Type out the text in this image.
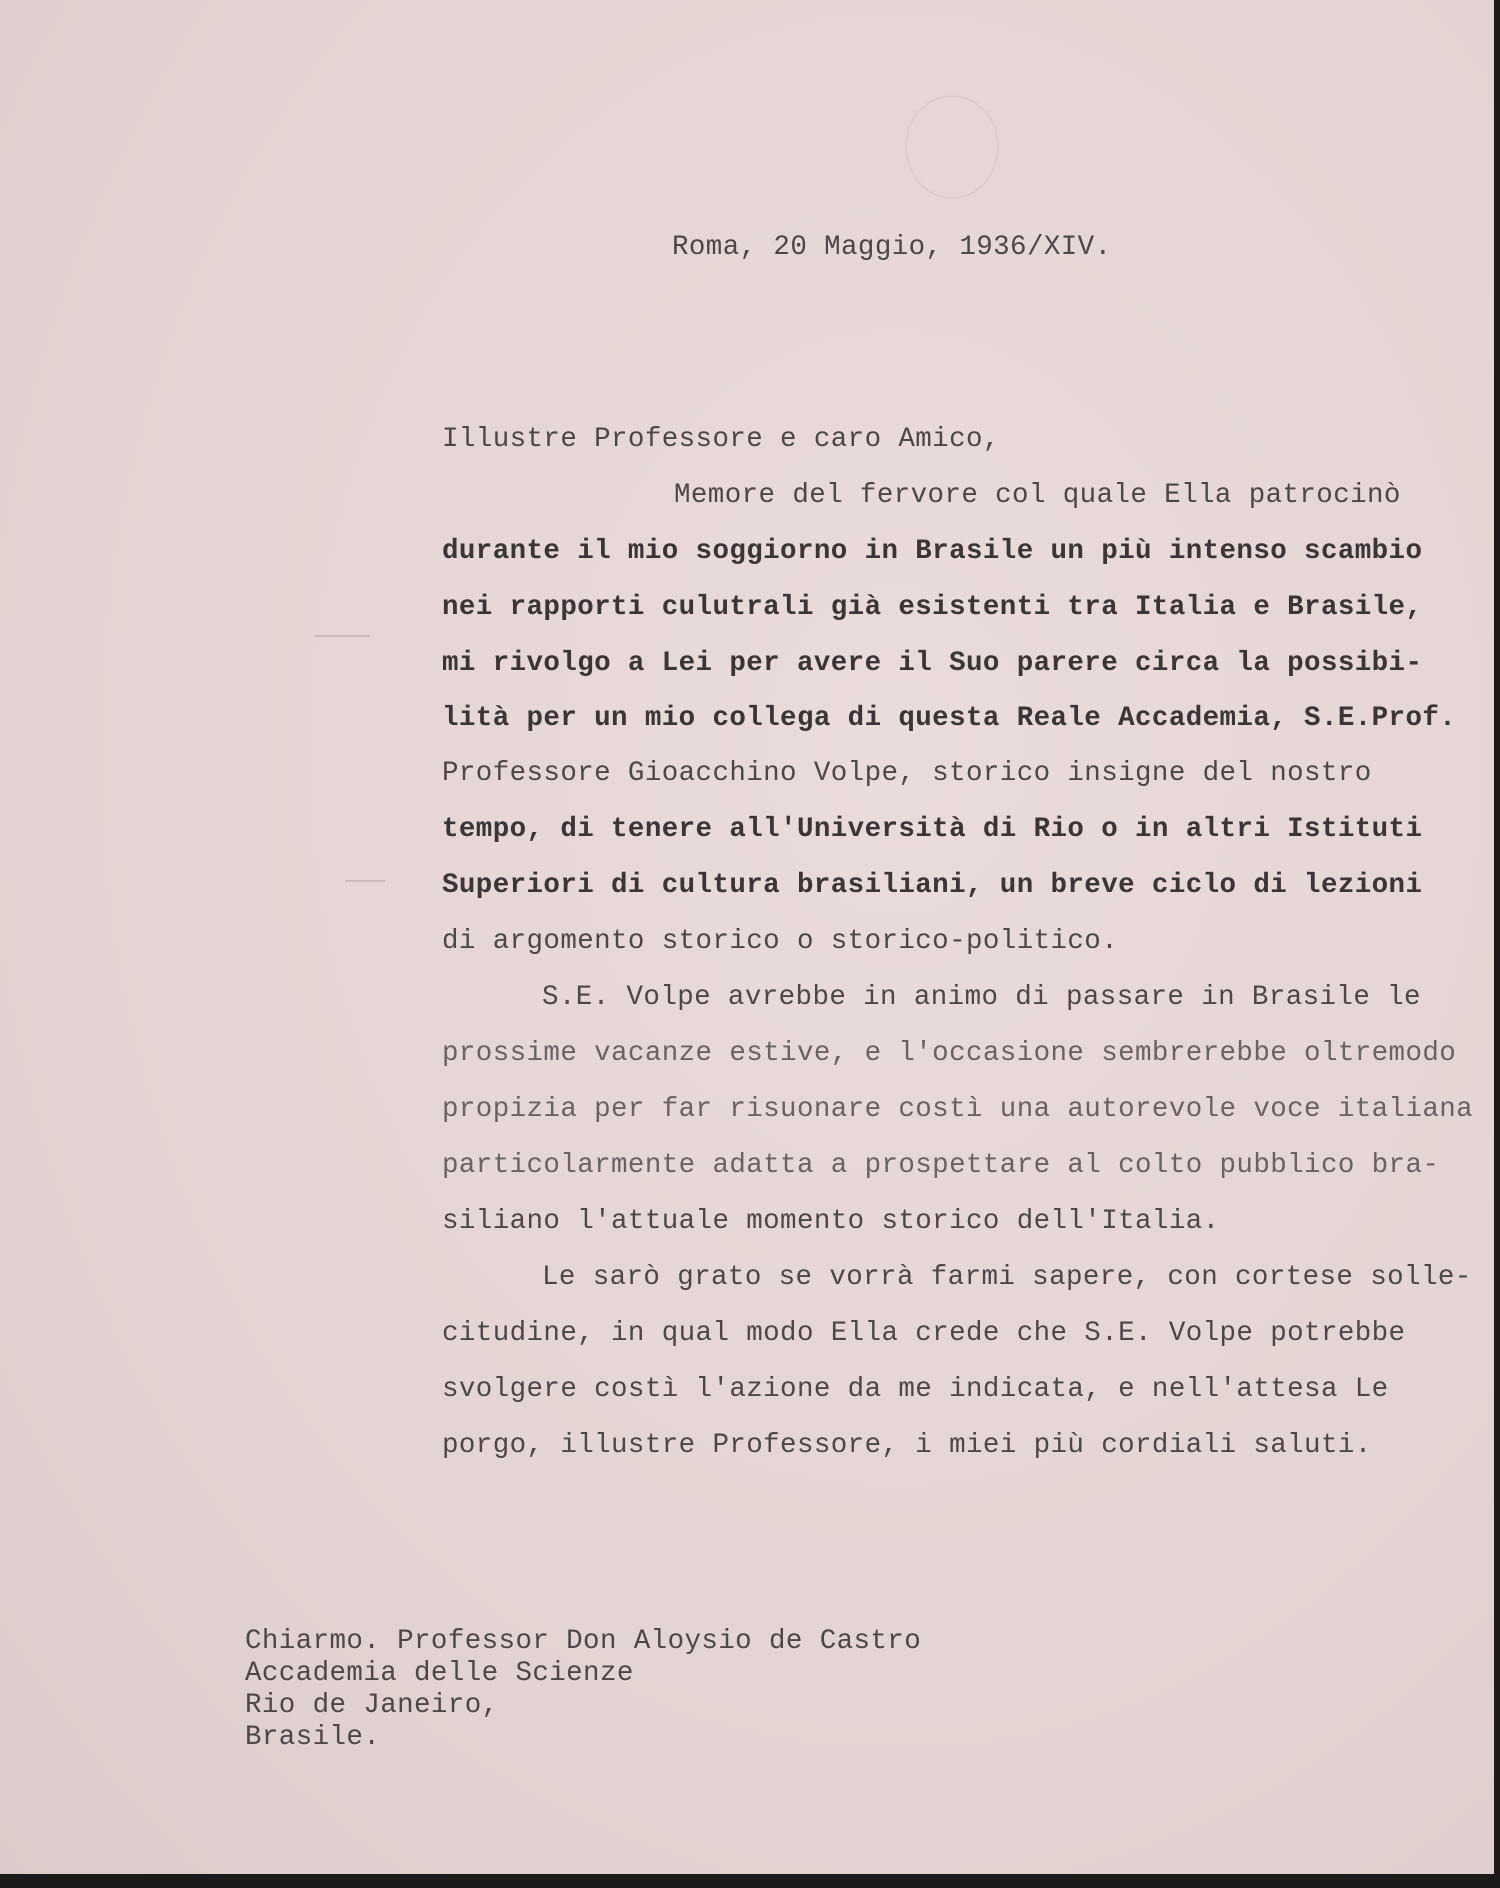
Roma, 20 Maggio, 1936/XIV.

Illustre Professore e caro Amico,

Memore del fervore col quale Ella patrocinò

durante il mio soggiorno in Brasile un più intenso scambio

nei rapporti culutrali già esistenti tra Italia e Brasile,

mi rivolgo a Lei per avere il Suo parere circa la possibi-

lità per un mio collega di questa Reale Accademia, S.E.Prof.

Professore Gioacchino Volpe, storico insigne del nostro

tempo, di tenere all'Università di Rio o in altri Istituti

Superiori di cultura brasiliani, un breve ciclo di lezioni

di argomento storico o storico-politico.

S.E. Volpe avrebbe in animo di passare in Brasile le

prossime vacanze estive, e l'occasione sembrerebbe oltremodo

propizia per far risuonare costì una autorevole voce italiana

particolarmente adatta a prospettare al colto pubblico bra-

siliano l'attuale momento storico dell'Italia.

Le sarò grato se vorrà farmi sapere, con cortese solle-

citudine, in qual modo Ella crede che S.E. Volpe potrebbe

svolgere costì l'azione da me indicata, e nell'attesa Le

porgo, illustre Professore, i miei più cordiali saluti.

Chiarmo. Professor Don Aloysio de Castro

Accademia delle Scienze

Rio de Janeiro,

Brasile.
